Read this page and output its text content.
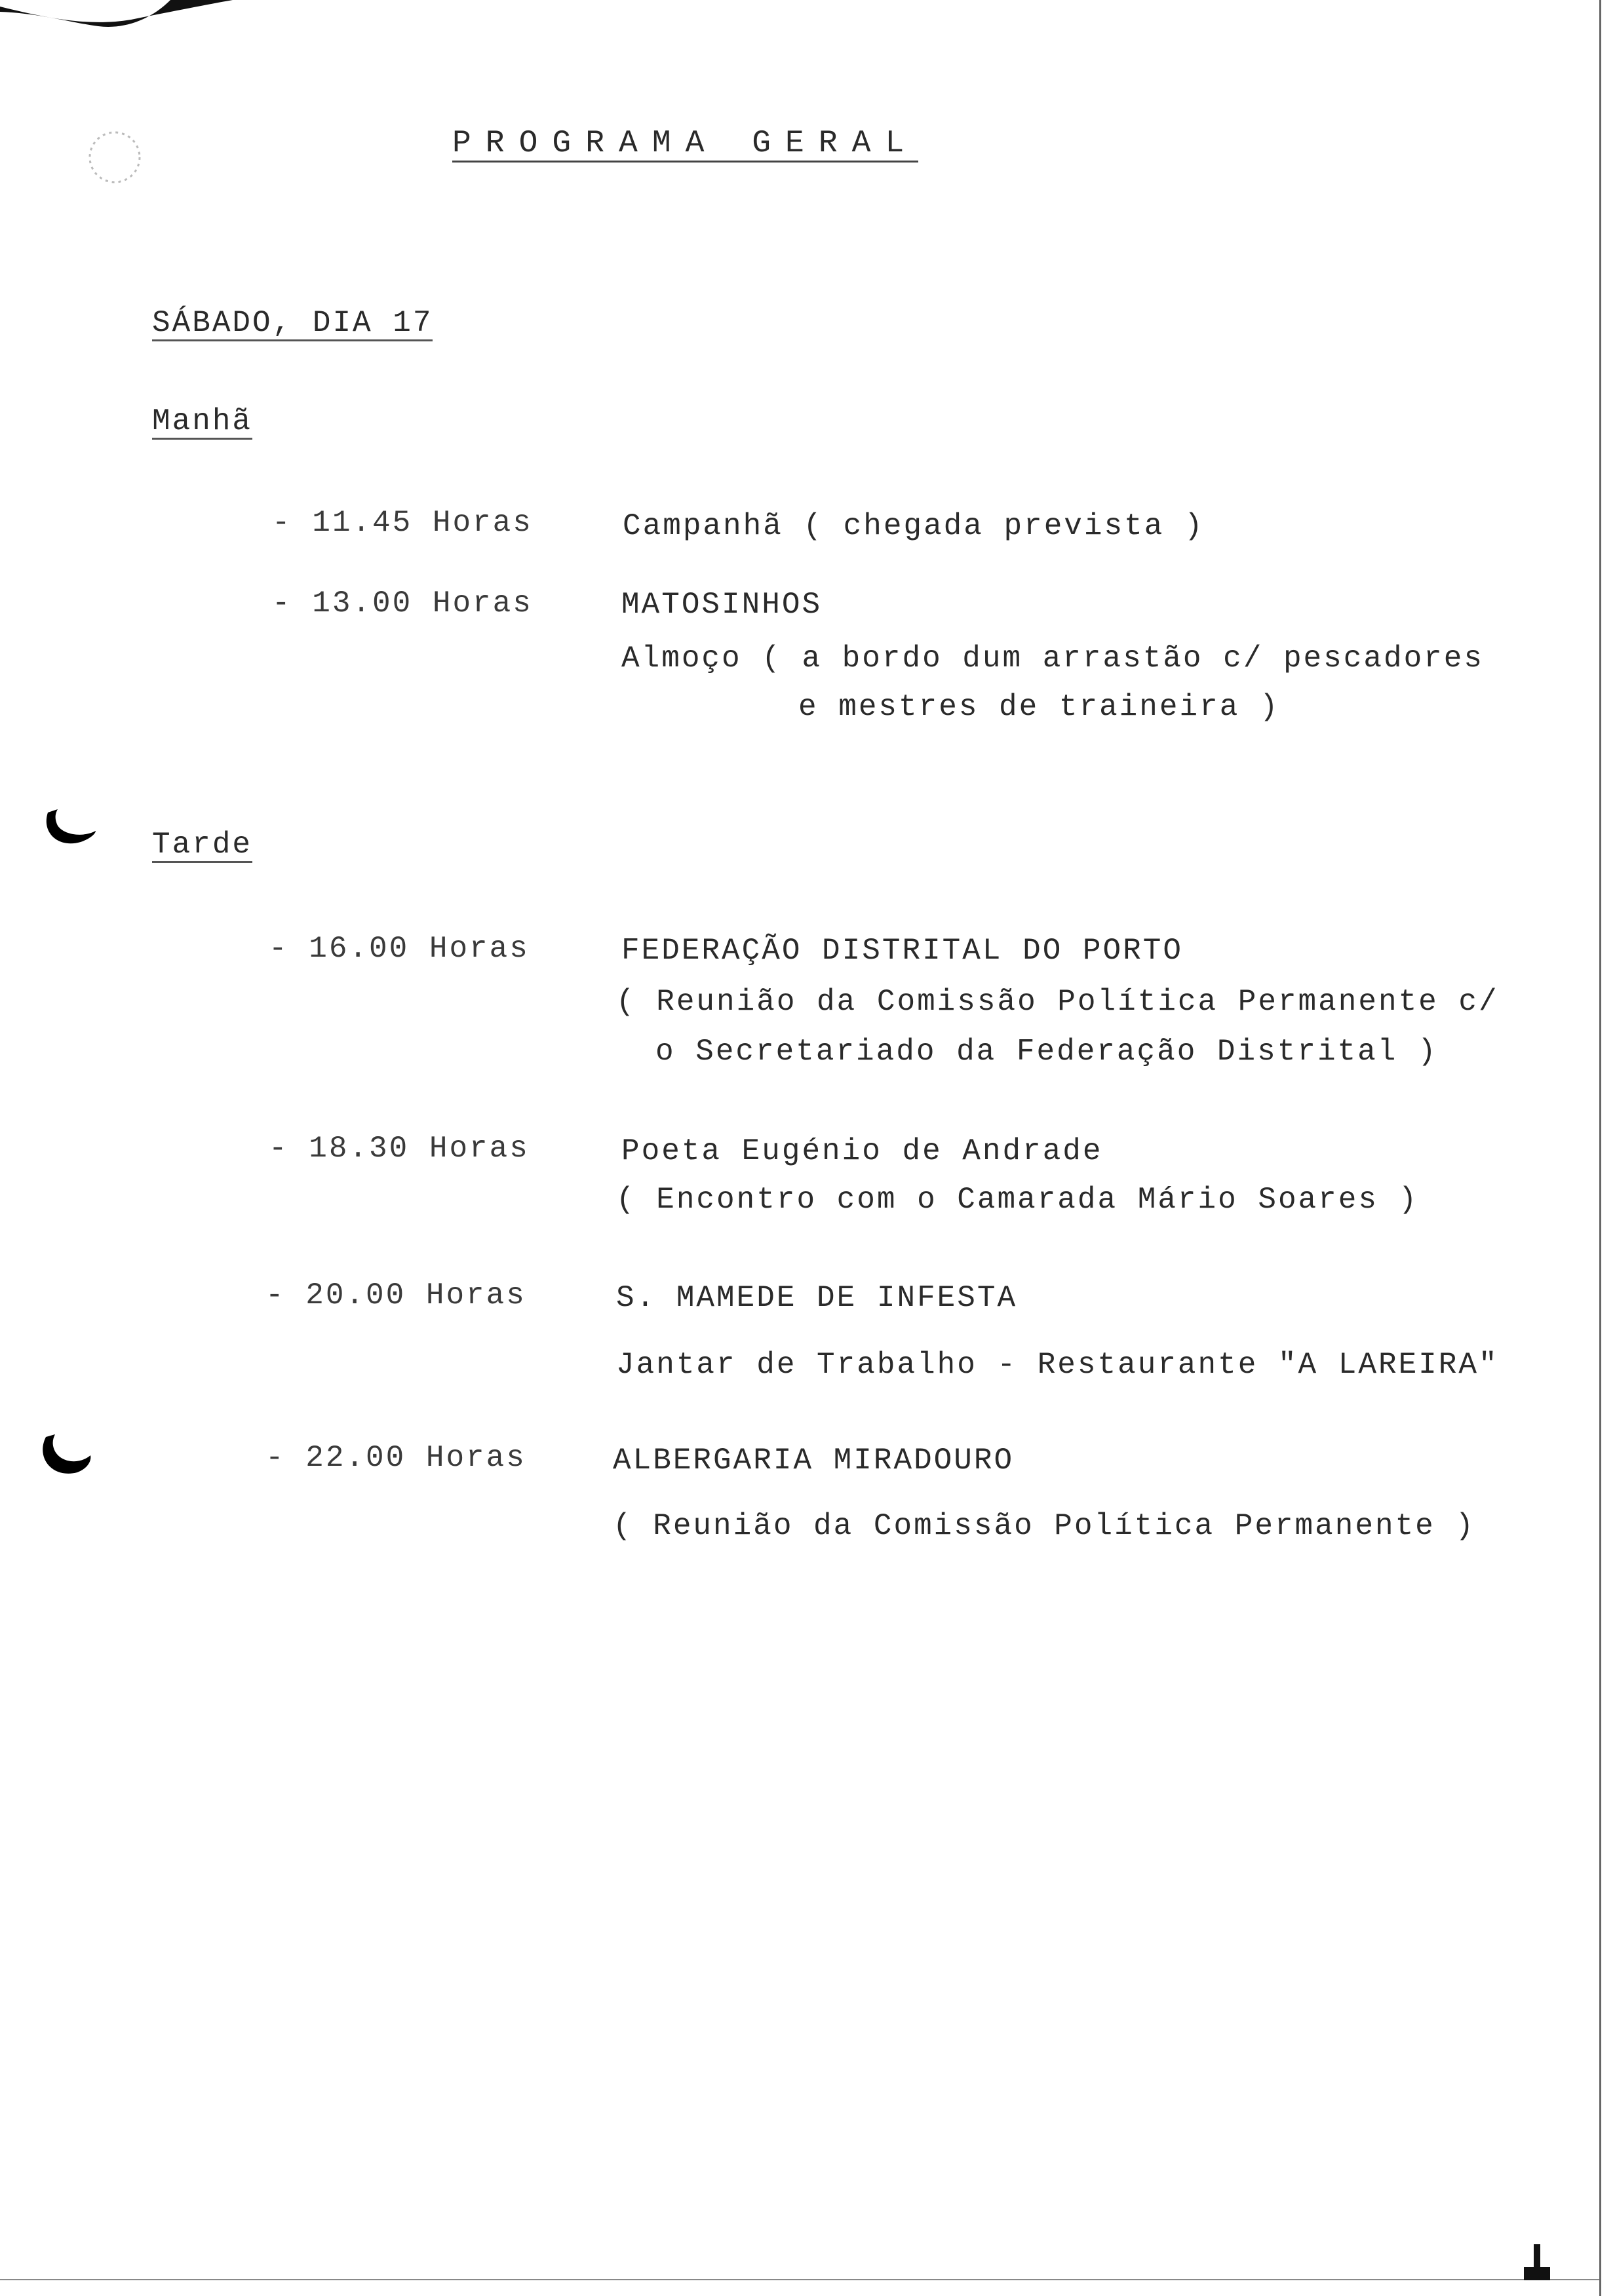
PROGRAMA GERAL
SÁBADO, DIA 17
Manhã
- 11.45 Horas	Campanhã ( chegada prevista )
- 13.00 Horas	MATOSINHOS
Almoço ( a bordo dum arrastão c/ pescadores
e mestres de traineira )
Tarde
- 16.00 Horas	FEDERAÇÃO DISTRITAL DO PORTO
( Reunião da Comissão Política Permanente c/
o Secretariado da Federação Distrital )
- 18.30 Horas	Poeta Eugénio de Andrade
( Encontro com o Camarada Mário Soares )
- 20.00 Horas	S. MAMEDE DE INFESTA
Jantar de Trabalho - Restaurante "A LAREIRA"
- 22.00 Horas	ALBERGARIA MIRADOURO
( Reunião da Comissão Política Permanente )
